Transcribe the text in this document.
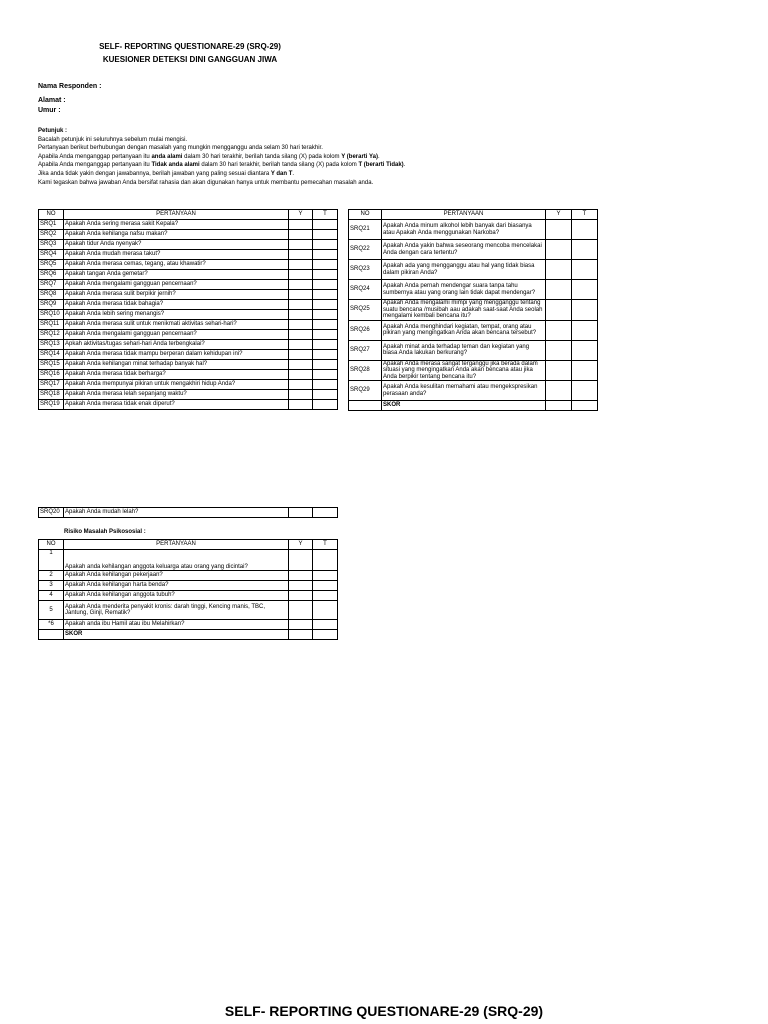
SELF- REPORTING QUESTIONARE-29 (SRQ-29)
KUESIONER DETEKSI DINI GANGGUAN JIWA
Nama Responden :
Alamat :
Umur :
Petunjuk :
Bacalah petunjuk ini seluruhnya sebelum mulai mengisi.
Pertanyaan berikut berhubungan dengan masalah yang mungkin mengganggu anda selam 30 hari terakhir.
Apabila Anda menganggap pertanyaan itu anda alami dalam 30 hari terakhir, berilah tanda silang (X) pada kolom Y (berarti Ya).
Apabila Anda menganggap pertanyaan itu Tidak anda alami dalam 30 hari terakhir, berilah tanda silang (X) pada kolom T (berarti Tidak).
Jika anda tidak yakin dengan jawabannya, berilah jawaban yang paling sesuai diantara Y dan T.
Kami tegaskan bahwa jawaban Anda bersifat rahasia dan akan digunakan hanya untuk membantu pemecahan masalah anda.
NO	PERTANYAAN	Y	T
SRQ1	Apakah Anda sering merasa sakit Kepala?		
SRQ2	Apakah Anda kehilanga nafsu makan?		
SRQ3	Apakah tidur Anda nyenyak?		
SRQ4	Apakah Anda mudah merasa takut?		
SRQ5	Apakah Anda merasa cemas, tegang, atau khawatir?		
SRQ6	Apakah tangan Anda gemetar?		
SRQ7	Apakah Anda mengalami gangguan pencernaan?		
SRQ8	Apakah Anda merasa sulit berpikir jernih?		
SRQ9	Apakah Anda merasa tidak bahagia?		
SRQ10	Apakah Anda lebih sering menangis?		
SRQ11	Apakah Anda merasa sulit untuk menikmati aktivitas sehari-hari?		
SRQ12	Apakah Anda mengalami gangguan pencernaan?		
SRQ13	Apkah aktivitas/tugas sehari-hari Anda terbengkalai?		
SRQ14	Apakah Anda merasa tidak mampu berperan dalam kehidupan ini?		
SRQ15	Apakah Anda kehilangan minat terhadap banyak hal?		
SRQ16	Apakah Anda merasa tidak berharga?		
SRQ17	Apakah Anda mempunyai pikiran untuk mengakhiri hidup Anda?		
SRQ18	Apakah Anda merasa lelah sepanjang waktu?		
SRQ19	Apakah Anda merasa tidak enak diperut?		
NO	PERTANYAAN	Y	T
SRQ21	Apakah Anda minum alkohol lebih banyak dari biasanya atau Apakah Anda menggunakan Narkoba?		
SRQ22	Apakah Anda yakin bahwa seseorang mencoba mencelakai Anda dengan cara tertentu?		
SRQ23	Apakah ada yang mengganggu atau hal yang tidak biasa dalam pikiran Anda?		
SRQ24	Apakah Anda pernah mendengar suara tanpa tahu sumbernya atau yang orang lain tidak dapat mendengar?		
SRQ25	Apakah Anda mengalami mimpi yang mengganggu tentang suatu bencana /musibah aau adakah saat-saat Anda seolah mengalami kembali bencana itu?		
SRQ26	Apakah Anda menghindari kegiatan, tempat, orang atau pikiran yang mengingatkan Anda akan bencana tersebut?		
SRQ27	Apakah minat anda terhadap teman dan kegiatan yang biasa Anda lakukan berkurang?		
SRQ28	Apakah Anda merasa sangat terganggu jika berada dalam situasi yang mengingatkan Anda akan bencana atau jika Anda berpikir tentang bencana itu?		
SRQ29	Apakah Anda kesulitan memahami atau mengekspresikan perasaan anda?		
	SKOR		
SRQ20	Apakah Anda mudah lelah?		
Risiko Masalah Psikososial :
NO	PERTANYAAN	Y	T
1	Apakah anda kehilangan anggota keluarga atau orang yang dicintai?		
2	Apakah Anda kehilangan pekerjaan?		
3	Apakah Anda kehilangan harta benda?		
4	Apakah Anda kehilangan anggota tubuh?		
5	Apakah Anda menderita penyakit kronis: darah tinggi, Kencing manis, TBC, Jantung, Ginjl, Rematik?		
*6	Apakah anda ibu Hamil atau ibu Melahirkan?		
	SKOR		
SELF- REPORTING QUESTIONARE-29 (SRQ-29)
